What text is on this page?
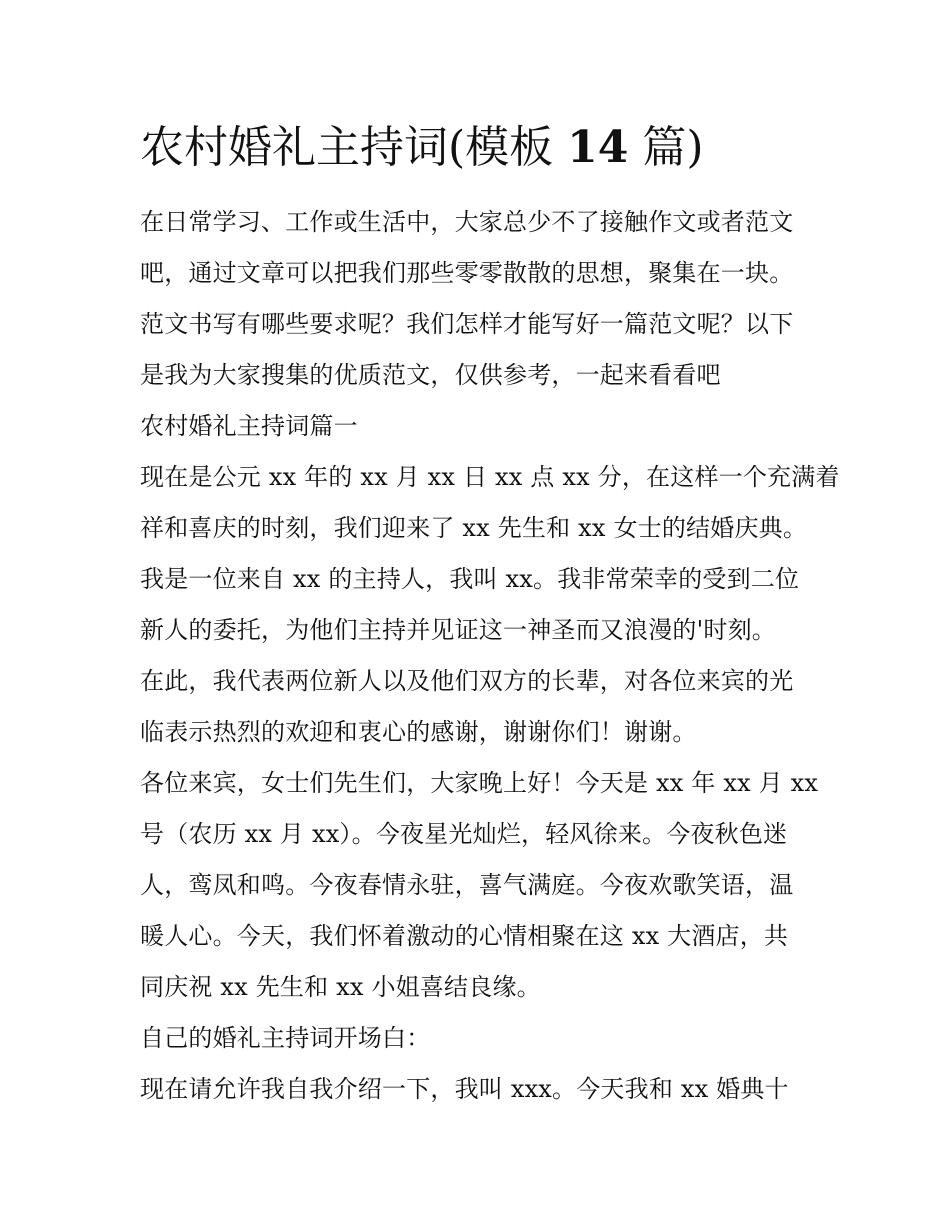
农村婚礼主持词(模板 14 篇)
在日常学习、工作或生活中，大家总少不了接触作文或者范文
吧，通过文章可以把我们那些零零散散的思想，聚集在一块。
范文书写有哪些要求呢？我们怎样才能写好一篇范文呢？以下
是我为大家搜集的优质范文，仅供参考，一起来看看吧
农村婚礼主持词篇一
现在是公元 xx 年的 xx 月 xx 日 xx 点 xx 分，在这样一个充满着
祥和喜庆的时刻，我们迎来了 xx 先生和 xx 女士的结婚庆典。
我是一位来自 xx 的主持人，我叫 xx。我非常荣幸的受到二位
新人的委托，为他们主持并见证这一神圣而又浪漫的'时刻。
在此，我代表两位新人以及他们双方的长辈，对各位来宾的光
临表示热烈的欢迎和衷心的感谢，谢谢你们！谢谢。
各位来宾，女士们先生们，大家晚上好！今天是 xx 年 xx 月 xx
号（农历 xx 月 xx）。今夜星光灿烂，轻风徐来。今夜秋色迷
人，鸾凤和鸣。今夜春情永驻，喜气满庭。今夜欢歌笑语，温
暖人心。今天，我们怀着激动的心情相聚在这 xx 大酒店，共
同庆祝 xx 先生和 xx 小姐喜结良缘。
自己的婚礼主持词开场白：
现在请允许我自我介绍一下，我叫 xxx。今天我和 xx 婚典十
